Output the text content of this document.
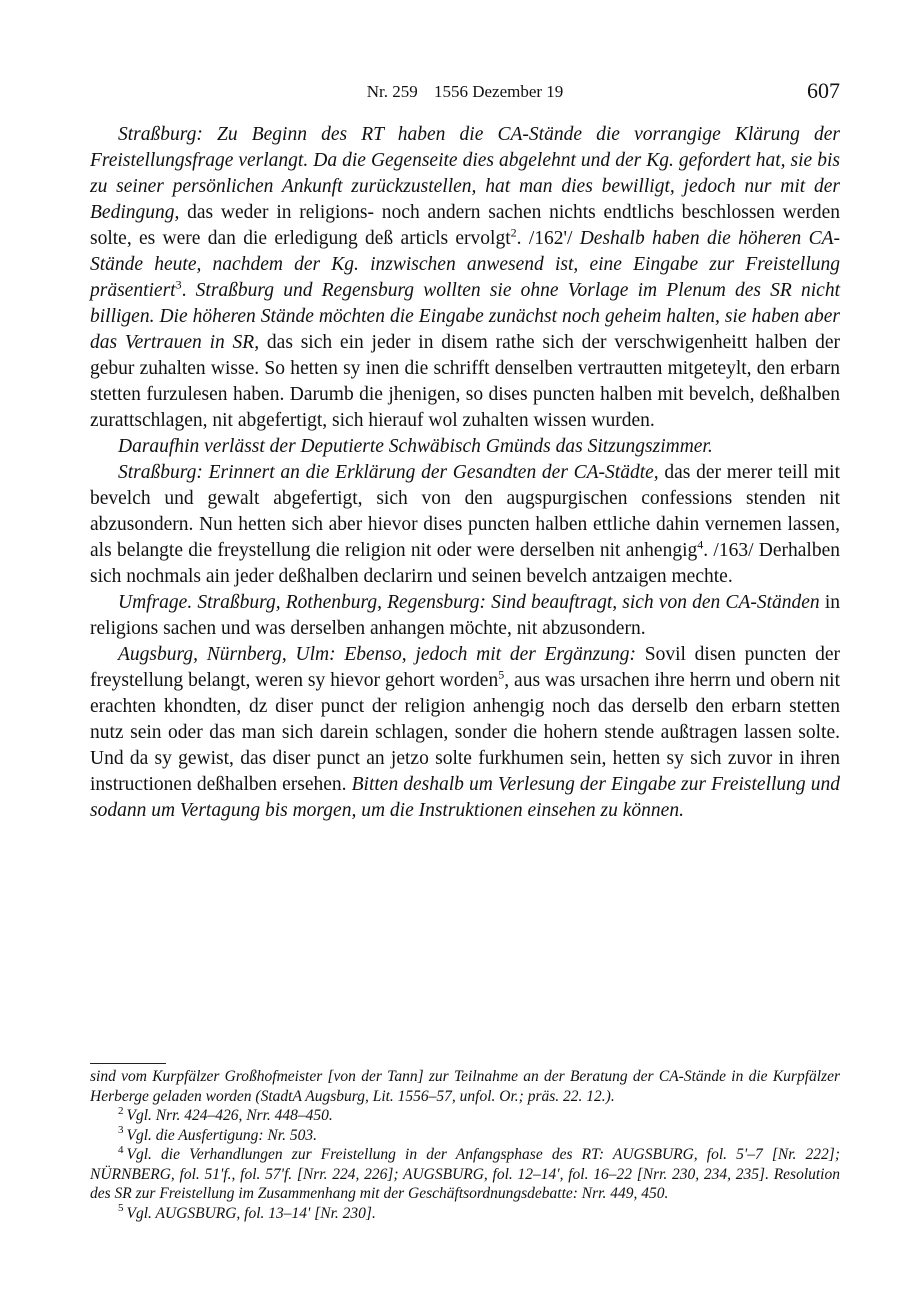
Nr. 259 1556 Dezember 19	607

Straßburg: Zu Beginn des RT haben die CA-Stände die vorrangige Klärung der Freistellungsfrage verlangt. Da die Gegenseite dies abgelehnt und der Kg. gefordert hat, sie bis zu seiner persönlichen Ankunft zurückzustellen, hat man dies bewilligt, jedoch nur mit der Bedingung, das weder in religions- noch andern sachen nichts endtlichs beschlossen werden solte, es were dan die erledigung deß articls ervolgt$^2$. /162'/ Deshalb haben die höheren CA-Stände heute, nachdem der Kg. inzwischen anwesend ist, eine Eingabe zur Freistellung präsentiert$^3$. Straßburg und Regensburg wollten sie ohne Vorlage im Plenum des SR nicht billigen. Die höheren Stände möchten die Eingabe zunächst noch geheim halten, sie haben aber das Vertrauen in SR, das sich ein jeder in disem rathe sich der verschwigenheitt halben der gebur zuhalten wisse. So hetten sy inen die schrifft denselben vertrautten mitgeteylt, den erbarn stetten furzulesen haben. Darumb die jhenigen, so dises puncten halben mit bevelch, deßhalben zurattschlagen, nit abgefertigt, sich hierauf wol zuhalten wissen wurden.

Daraufhin verlässt der Deputierte Schwäbisch Gmünds das Sitzungszimmer.

Straßburg: Erinnert an die Erklärung der Gesandten der CA-Städte, das der merer teill mit bevelch und gewalt abgefertigt, sich von den augspurgischen confessions stenden nit abzusondern. Nun hetten sich aber hievor dises puncten halben ettliche dahin vernemen lassen, als belangte die freystellung die religion nit oder were derselben nit anhengig$^4$. /163/ Derhalben sich nochmals ain jeder deßhalben declarirn und seinen bevelch antzaigen mechte.

Umfrage. Straßburg, Rothenburg, Regensburg: Sind beauftragt, sich von den CA-Ständen in religions sachen und was derselben anhangen möchte, nit abzusondern.

Augsburg, Nürnberg, Ulm: Ebenso, jedoch mit der Ergänzung: Sovil disen puncten der freystellung belangt, weren sy hievor gehort worden$^5$, aus was ursachen ihre herrn und obern nit erachten khondten, dz diser punct der religion anhengig noch das derselb den erbarn stetten nutz sein oder das man sich darein schlagen, sonder die hohern stende außtragen lassen solte. Und da sy gewist, das diser punct an jetzo solte furkhumen sein, hetten sy sich zuvor in ihren instructionen deßhalben ersehen. Bitten deshalb um Verlesung der Eingabe zur Freistellung und sodann um Vertagung bis morgen, um die Instruktionen einsehen zu können.

sind vom Kurpfälzer Großhofmeister [von der Tann] zur Teilnahme an der Beratung der CA-Stände in die Kurpfälzer Herberge geladen worden (StadtA Augsburg, Lit. 1556–57, unfol. Or.; präs. 22. 12.).

$^2$ Vgl. Nrr. 424–426, Nrr. 448–450.

$^3$ Vgl. die Ausfertigung: Nr. 503.

$^4$ Vgl. die Verhandlungen zur Freistellung in der Anfangsphase des RT: AUGSBURG, fol. 5'–7 [Nr. 222]; NÜRNBERG, fol. 51'f., fol. 57'f. [Nrr. 224, 226]; AUGSBURG, fol. 12–14', fol. 16–22 [Nrr. 230, 234, 235]. Resolution des SR zur Freistellung im Zusammenhang mit der Geschäftsordnungsdebatte: Nrr. 449, 450.

$^5$ Vgl. AUGSBURG, fol. 13–14' [Nr. 230].
